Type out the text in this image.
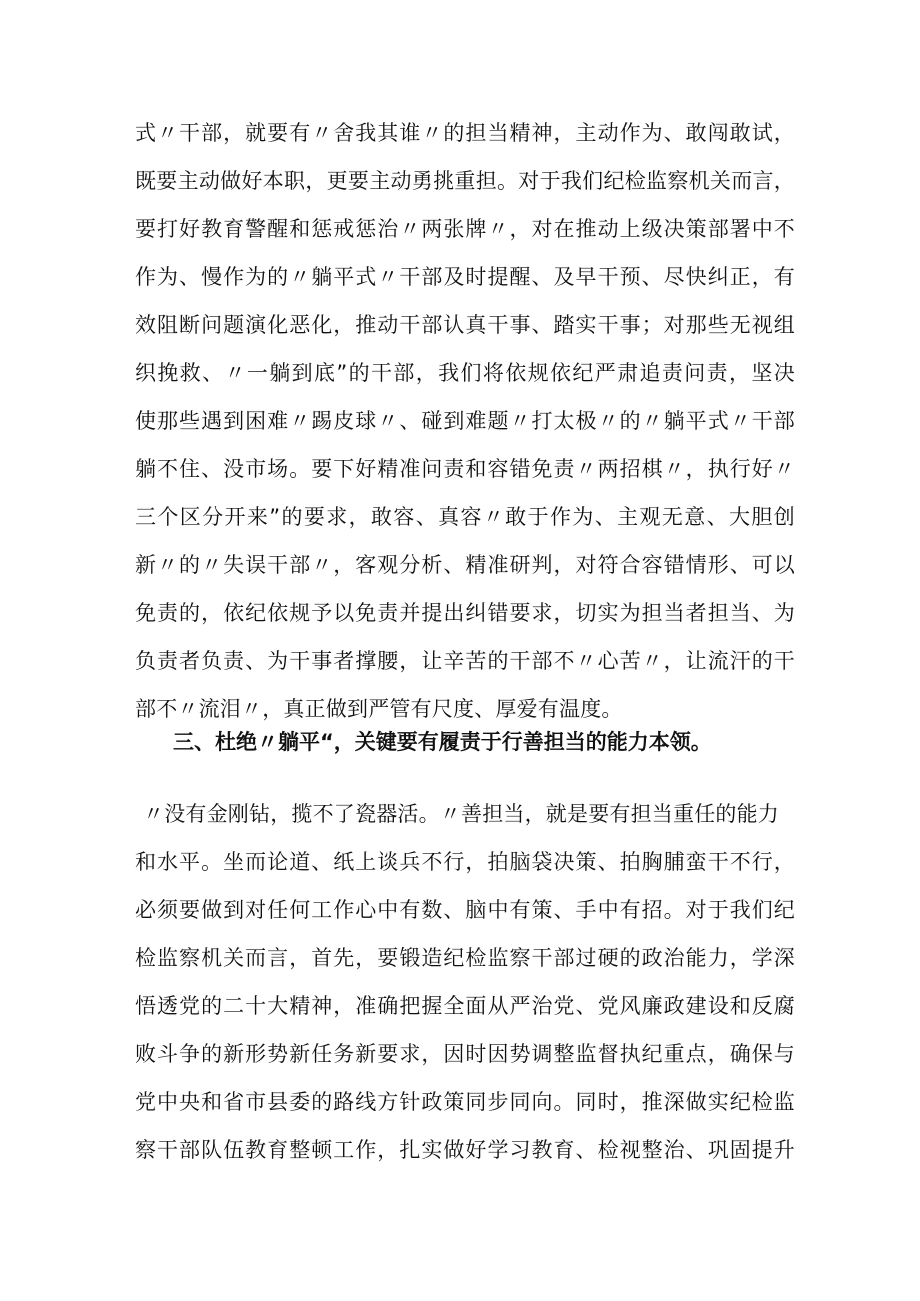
式〃干部，就要有〃舍我其谁〃的担当精神，主动作为、敢闯敢试，
既要主动做好本职，更要主动勇挑重担。对于我们纪检监察机关而言，
要打好教育警醒和惩戒惩治〃两张牌〃，对在推动上级决策部署中不
作为、慢作为的〃躺平式〃干部及时提醒、及早干预、尽快纠正，有
效阻断问题演化恶化，推动干部认真干事、踏实干事；对那些无视组
织挽救、〃一躺到底”的干部，我们将依规依纪严肃追责问责，坚决
使那些遇到困难〃踢皮球〃、碰到难题〃打太极〃的〃躺平式〃干部
躺不住、没市场。要下好精准问责和容错免责〃两招棋〃，执行好〃
三个区分开来”的要求，敢容、真容〃敢于作为、主观无意、大胆创
新〃的〃失误干部〃，客观分析、精准研判，对符合容错情形、可以
免责的，依纪依规予以免责并提出纠错要求，切实为担当者担当、为
负责者负责、为干事者撑腰，让辛苦的干部不〃心苦〃，让流汗的干
部不〃流泪〃，真正做到严管有尺度、厚爱有温度。
三、杜绝〃躺平“，关键要有履责于行善担当的能力本领。
〃没有金刚钻，揽不了瓷器活。〃善担当，就是要有担当重任的能力
和水平。坐而论道、纸上谈兵不行，拍脑袋决策、拍胸脯蛮干不行，
必须要做到对任何工作心中有数、脑中有策、手中有招。对于我们纪
检监察机关而言，首先，要锻造纪检监察干部过硬的政治能力，学深
悟透党的二十大精神，准确把握全面从严治党、党风廉政建设和反腐
败斗争的新形势新任务新要求，因时因势调整监督执纪重点，确保与
党中央和省市县委的路线方针政策同步同向。同时，推深做实纪检监
察干部队伍教育整顿工作，扎实做好学习教育、检视整治、巩固提升
